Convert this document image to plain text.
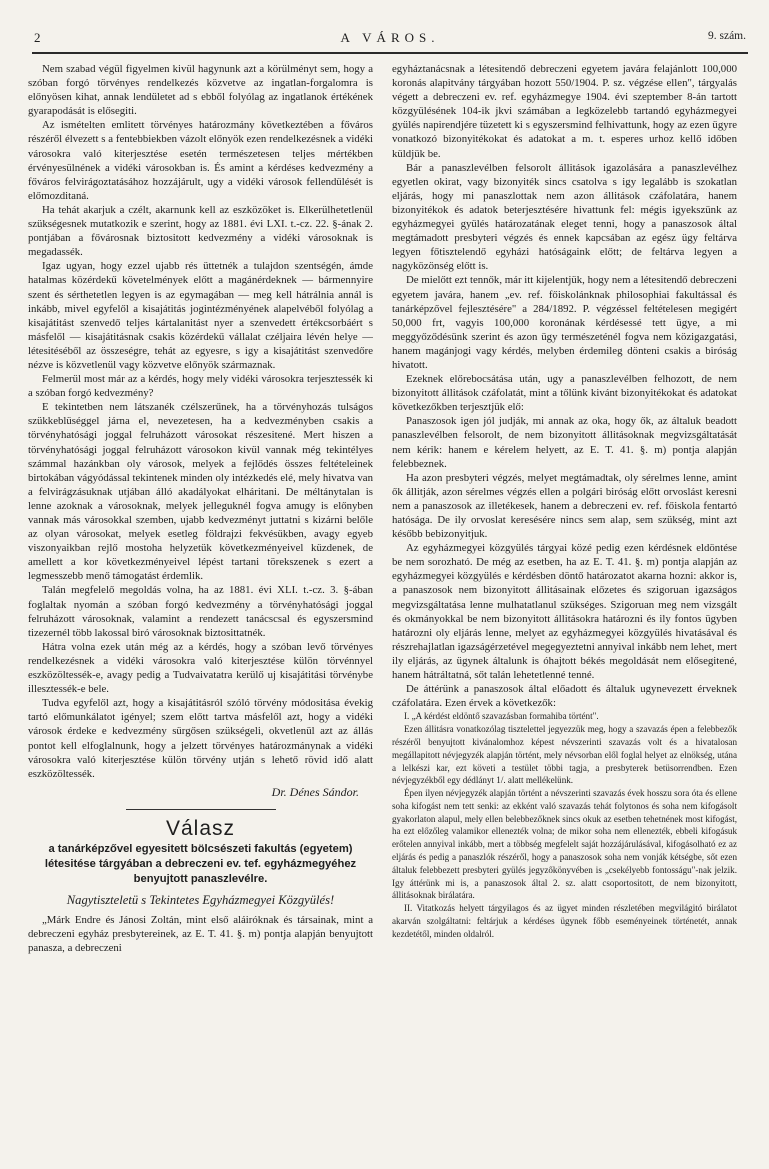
2	A VÁROS.	9. szám.

Nem szabad végül figyelmen kivül hagynunk azt a körülményt sem, hogy a szóban forgó törvényes rendelkezés közvetve az ingatlan-forgalomra is előnyösen kihat, annak lendületet ad s ebből folyólag az ingatlanok értékének gyarapodását is elősegiti.

Az ismételten emlitett törvényes határozmány következtében a főváros részéről élvezett s a fentebbiekben vázolt előnyök ezen rendelkezésnek a vidéki városokra való kiterjesztése esetén természetesen teljes mértékben érvényesülnének a vidéki városokban is. És amint a kérdéses kedvezmény a főváros felvirágoztatásához hozzájárult, ugy a vidéki városok fellendülését is előmozditaná.

Ha tehát akarjuk a czélt, akarnunk kell az eszközöket is. Elkerülhetetlenül szükségesnek mutatkozik e szerint, hogy az 1881. évi LXI. t.-cz. 22. §-ának 2. pontjában a fővárosnak biztositott kedvezmény a vidéki városoknak is megadassék.

Igaz ugyan, hogy ezzel ujabb rés üttetnék a tulajdon szentségén, ámde hatalmas közérdekű követelmények előtt a magánérdeknek — bármennyire szent és sérthetetlen legyen is az egymagában — meg kell hátrálnia annál is inkább, mivel egyfelől a kisajátitás jogintézményének alapelvéből folyólag a kisajátitást szenvedő teljes kártalanitást nyer a szenvedett értékcsorbáért s másfelől — kisajátitásnak csakis közérdekű vállalat czéljaira lévén helye — létesitéséből az összeségre, tehát az egyesre, s igy a kisajátitást szenvedőre nézve is közvetlenül vagy közvetve előnyök származnak.

Felmerül most már az a kérdés, hogy mely vidéki városokra terjesztessék ki a szóban forgó kedvezmény?

E tekintetben nem látszanék czélszerűnek, ha a törvényhozás tulságos szükkeblüséggel járna el, nevezetesen, ha a kedvezményben csakis a törvényhatósági joggal felruházott városokat részesitené. Mert hiszen a törvényhatósági joggal felruházott városokon kivül vannak még tekintélyes számmal hazánkban oly városok, melyek a fejlődés összes feltételeinek birtokában vágyódással tekintenek minden oly intézkedés elé, mely hivatva van a felvirágzásuknak utjában álló akadályokat elháritani. De méltánytalan is lenne azoknak a városoknak, melyek jelleguknél fogva amugy is előnyben vannak más városokkal szemben, ujabb kedvezményt juttatni s kizárni belőle az olyan városokat, melyek esetleg földrajzi fekvésükben, avagy egyeb viszonyaikban rejlő mostoha helyzetük következményeivel küzdenek, de amellett a kor következményeivel lépést tartani törekszenek s ezert a legmesszebb menő támogatást érdemlik.

Talán megfelelő megoldás volna, ha az 1881. évi XLI. t.-cz. 3. §-ában foglaltak nyomán a szóban forgó kedvezmény a törvényhatósági joggal felruházott városoknak, valamint a rendezett tanácscsal és egyszersmind tizezernél több lakossal biró városoknak biztosittatnék.

Hátra volna ezek után még az a kérdés, hogy a szóban levő törvényes rendelkezésnek a vidéki városokra való kiterjesztése külön törvénnyel eszközöltessék-e, avagy pedig a Tudvaivatatra kerülő uj kisajátitási törvénybe illesztessék-e bele.

Tudva egyfelől azt, hogy a kisajátitásról szóló törvény módositása évekig tartó előmunkálatot igényel; szem előtt tartva másfelől azt, hogy a vidéki városok érdeke e kedvezmény sürgősen szükségeli, okvetlenül azt az állás pontot kell elfoglalnunk, hogy a jelzett törvényes határozmánynak a vidéki városokra való kiterjesztése külön törvény utján s lehető rövid idő alatt eszközöltessék.

Dr. Dénes Sándor.
Válasz
a tanárképzővel egyesitett bölcsészeti fakultás (egyetem) létesitése tárgyában a debreczeni ev. tef. egyházmegyéhez benyujtott panaszlevélre.
Nagytiszteletü s Tekintetes Egyházmegyei Közgyülés!

„Márk Endre és Jánosi Zoltán, mint első aláiróknak és társainak, mint a debreczeni egyház presbytereinek, az E. T. 41. §. m) pontja alapján benyujtott panasza, a debreczeni

egyháztanácsnak a létesitendő debreczeni egyetem javára felajánlott 100,000 koronás alapitvány tárgyában hozott 550/1904. P. sz. végzése ellen", tárgyalás végett a debreczeni ev. ref. egyházmegye 1904. évi szeptember 8-án tartott közgyülésének 104-ik jkvi számában a legközelebb tartandó egyházmegyei gyülés napirendjére tüzetett ki s egyszersmind felhivattunk, hogy az ezen ügyre vonatkozó bizonyitékokat és adatokat a m. t. esperes urhoz kellő időben küldjük be.

Bár a panaszlevélben felsorolt állitások igazolására a panaszlevélhez egyetlen okirat, vagy bizonyiték sincs csatolva s igy legalább is szokatlan eljárás, hogy mi panaszlottak nem azon állitások czáfolatára, hanem bizonyitékok és adatok beterjesztésére hivattunk fel: mégis igyekszünk az egyházmegyei gyülés határozatának eleget tenni, hogy a panaszosok által megtámadott presbyteri végzés és ennek kapcsában az egész ügy feltárva legyen főtisztelendő egyházi hatóságaink előtt; de feltárva legyen a nagyközönség előtt is.

De mielőtt ezt tennők, már itt kijelentjük, hogy nem a létesitendő debreczeni egyetem javára, hanem „ev. ref. főiskolánknak philosophiai fakultással és tanárképzővel fejlesztésére" a 284/1892. P. végzéssel feltételesen megigért 50,000 frt, vagyis 100,000 koronának kérdésessé tett ügye, a mi meggyőződésünk szerint és azon ügy természeténél fogva nem közigazgatási, hanem magánjogi vagy kérdés, melyben érdemileg dönteni csakis a biróság hivatott.

Ezeknek előrebocsátása után, ugy a panaszlevélben felhozott, de nem bizonyitott állitások czáfolatát, mint a tőlünk kivánt bizonyitékokat és adatokat következőkben terjesztjük elő:

Panaszosok igen jól judják, mi annak az oka, hogy ők, az általuk beadott panaszlevélben felsorolt, de nem bizonyitott állitásoknak megvizsgáltatását nem kérik: hanem e kérelem helyett, az E. T. 41. §. m) pontja alapján felebbeznek.

Ha azon presbyteri végzés, melyet megtámadtak, oly sérelmes lenne, amint ők állitják, azon sérelmes végzés ellen a polgári biróság előtt orvoslást keresni nem a panaszosok az illetékesek, hanem a debreczeni ev. ref. főiskola fentartó hatósága. De ily orvoslat keresésére nincs sem alap, sem szükség, mint azt később bebizonyitjuk.

Az egyházmegyei közgyülés tárgyai közé pedig ezen kérdésnek eldöntése be nem sorozható. De még az esetben, ha az E. T. 41. §. m) pontja alapján az egyházmegyei közgyülés e kérdésben döntő határozatot akarna hozni: akkor is, a panaszosok nem bizonyitott állitásainak előzetes és szigoruan igazságos megvizsgáltatása lenne mulhatatlanul szükséges. Szigoruan meg nem vizsgált és okmányokkal be nem bizonyitott állitásokra határozni és ily fontos ügyben határozni oly eljárás lenne, melyet az egyházmegyei közgyülés hivatásával és részrehajlatlan igazságérzetével megegyeztetni annyival inkább nem lehet, mert ily eljárás, az ügynek általunk is óhajtott békés megoldását nem elősegitené, hanem hátráltatná, sőt talán lehetetlenné tenné.

De áttérünk a panaszosok által előadott és általuk ugynevezett érveknek czáfolatára. Ezen érvek a következők:

I. „A kérdést eldöntő szavazásban formahiba történt".

Ezen állitásra vonatkozólag tisztelettel jegyezzük meg, hogy a szavazás épen a felebbezők részéről benyujtott kivánalomhoz képest névszerinti szavazás volt és a hivatalosan megállapitott névjegyzék alapján történt, mely névsorban elől foglal helyet az elnökség, utána a lelkészi kar, ezt követi a testület többi tagja, a presbyterek betüsorrendben. Ezen névjegyzékből egy dédlányt 1/. alatt mellékelünk.

Épen ilyen névjegyzék alapján történt a névszerinti szavazás évek hosszu sora óta és ellene soha kifogást nem tett senki: az ekként való szavazás tehát folytonos és soha nem kifogásolt gyakorlaton alapul, mely ellen belebbezőknek sincs okuk az esetben tehetnének most kifogást, ha ezt előzőleg valamikor ellenezték volna; de mikor soha nem ellenezték, ebbeli kifogásuk erőtelen annyival inkább, mert a többség megfelelt saját hozzájárulásával, kifogásolható ez az eljárás és pedig a panaszlók részéről, hogy a panaszosok soha nem vonják kétségbe, sőt ezen általuk felebbezett presbyteri gyülés jegyzőkönyvében is „csekélyebb fontosságu"-nak jelzik. Igy áttérünk mi is, a panaszosok által 2. sz. alatt csoportositott, de nem bizonyitott, állitásoknak birálatára.

II. Vitatkozás helyett tárgyilagos és az ügyet minden részletében megvilágitó birálatot akarván szolgáltatni: feltárjuk a kérdéses ügynek főbb eseményeinek történetét, annak kezdetétől, minden oldalról.
